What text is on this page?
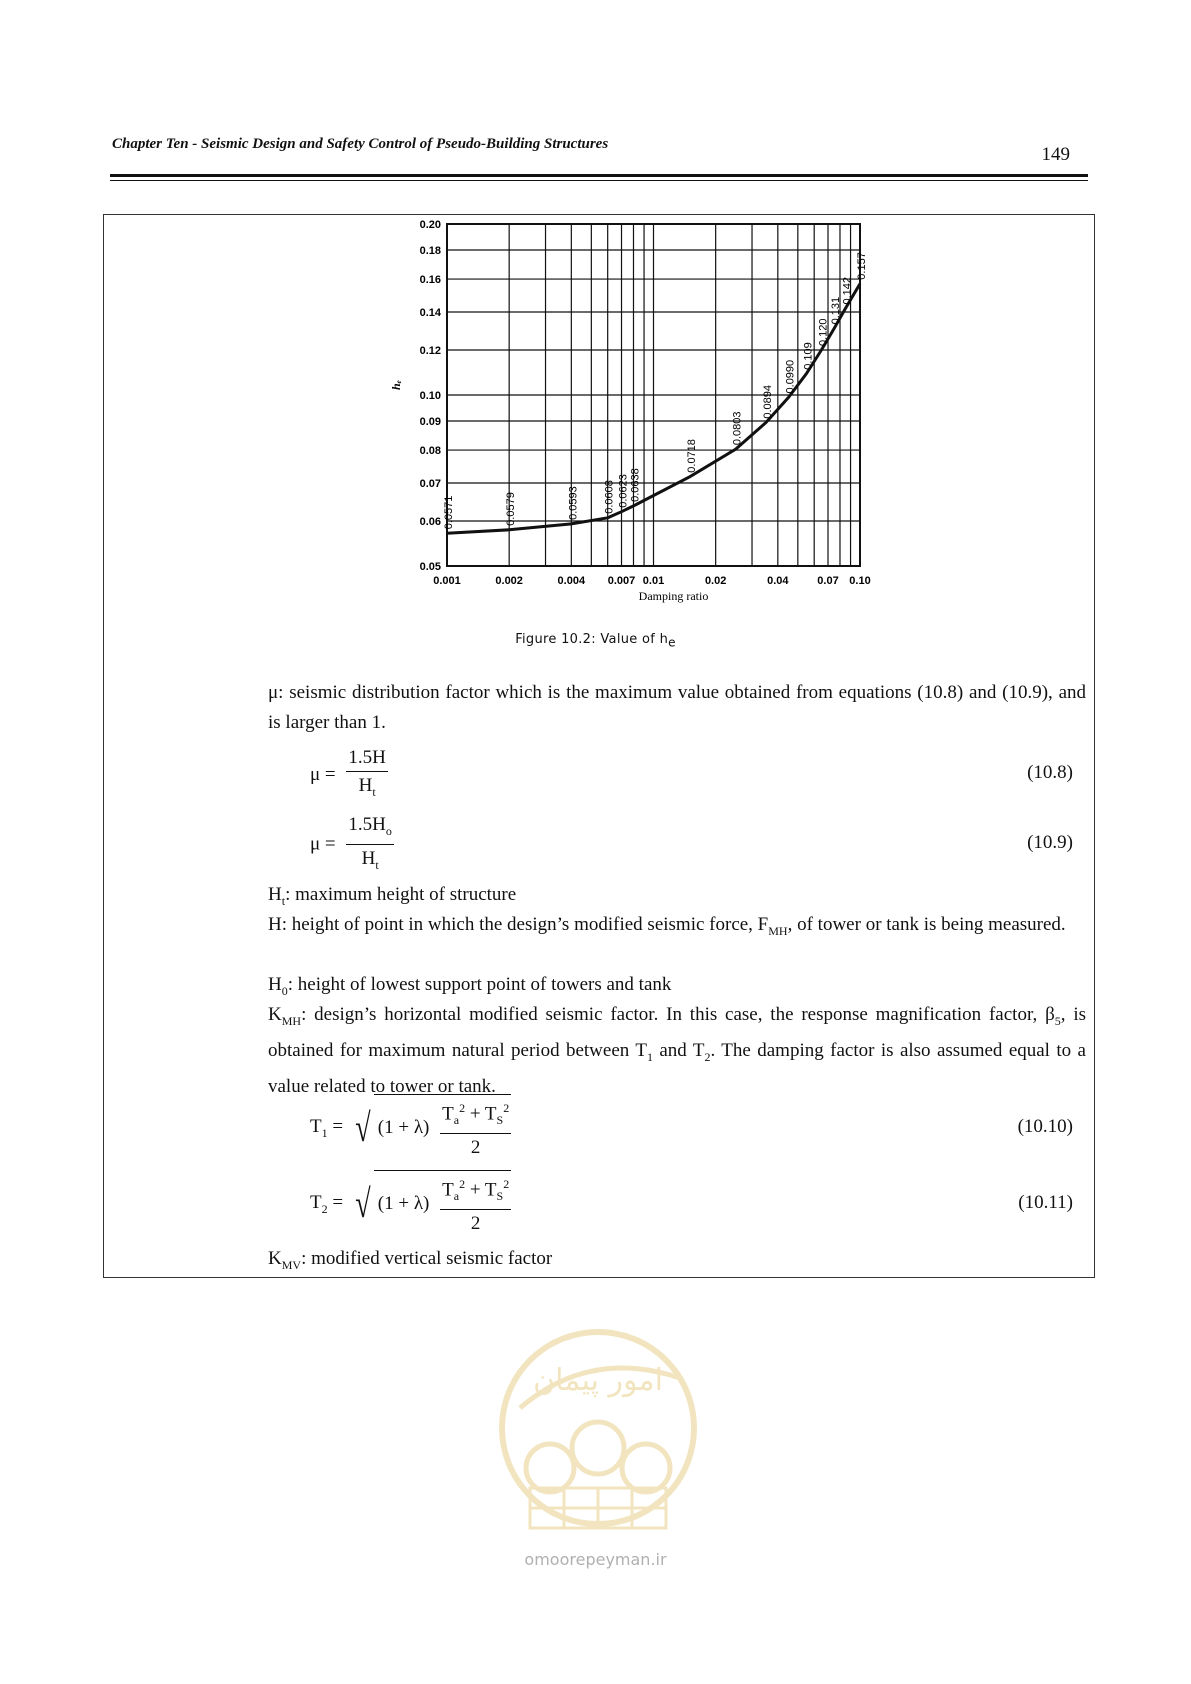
Chapter Ten - Seismic Design and Safety Control of Pseudo-Building Structures	149
0.05
0.06
0.07
0.08
0.09
0.10
0.12
0.14
0.16
0.18
0.20
0.001	0.002	0.004 0.007 0.01	0.02	0.04	0.07 0.10
Damping ratio
hₑ
0.0571	0.0579	0.0593 0.0608 0.0623 0.0638
0.0718
0.0803
0.0894
0.0990
0.109
0.120
0.131
0.142
0.157
Figure 10.2: Value of $h_e$
μ: seismic distribution factor which is the maximum value obtained from equations (10.8) and (10.9), and is larger than 1.
$\mu = \frac{1.5H}{H_t}$	(10.8)
$\mu = \frac{1.5H_o}{H_t}$	(10.9)
$H_t$: maximum height of structure
H: height of point in which the design’s modified seismic force, $F_{MH}$, of tower or tank is being measured.
$H_0$: height of lowest support point of towers and tank
$K_{MH}$: design’s horizontal modified seismic factor. In this case, the response magnification factor, $\beta_5$, is obtained for maximum natural period between $T_1$ and $T_2$. The damping factor is also assumed equal to a value related to tower or tank.
$T_1$ = √ $(1 + \lambda) \frac{T_a^2 + T_S^2}{2}$	(10.10)
$T_2$ = √ $(1 + \lambda) \frac{T_a^2 + T_S^2}{2}$	(10.11)
$K_{MV}$: modified vertical seismic factor
امور پیمان
omoorepeyman.ir
